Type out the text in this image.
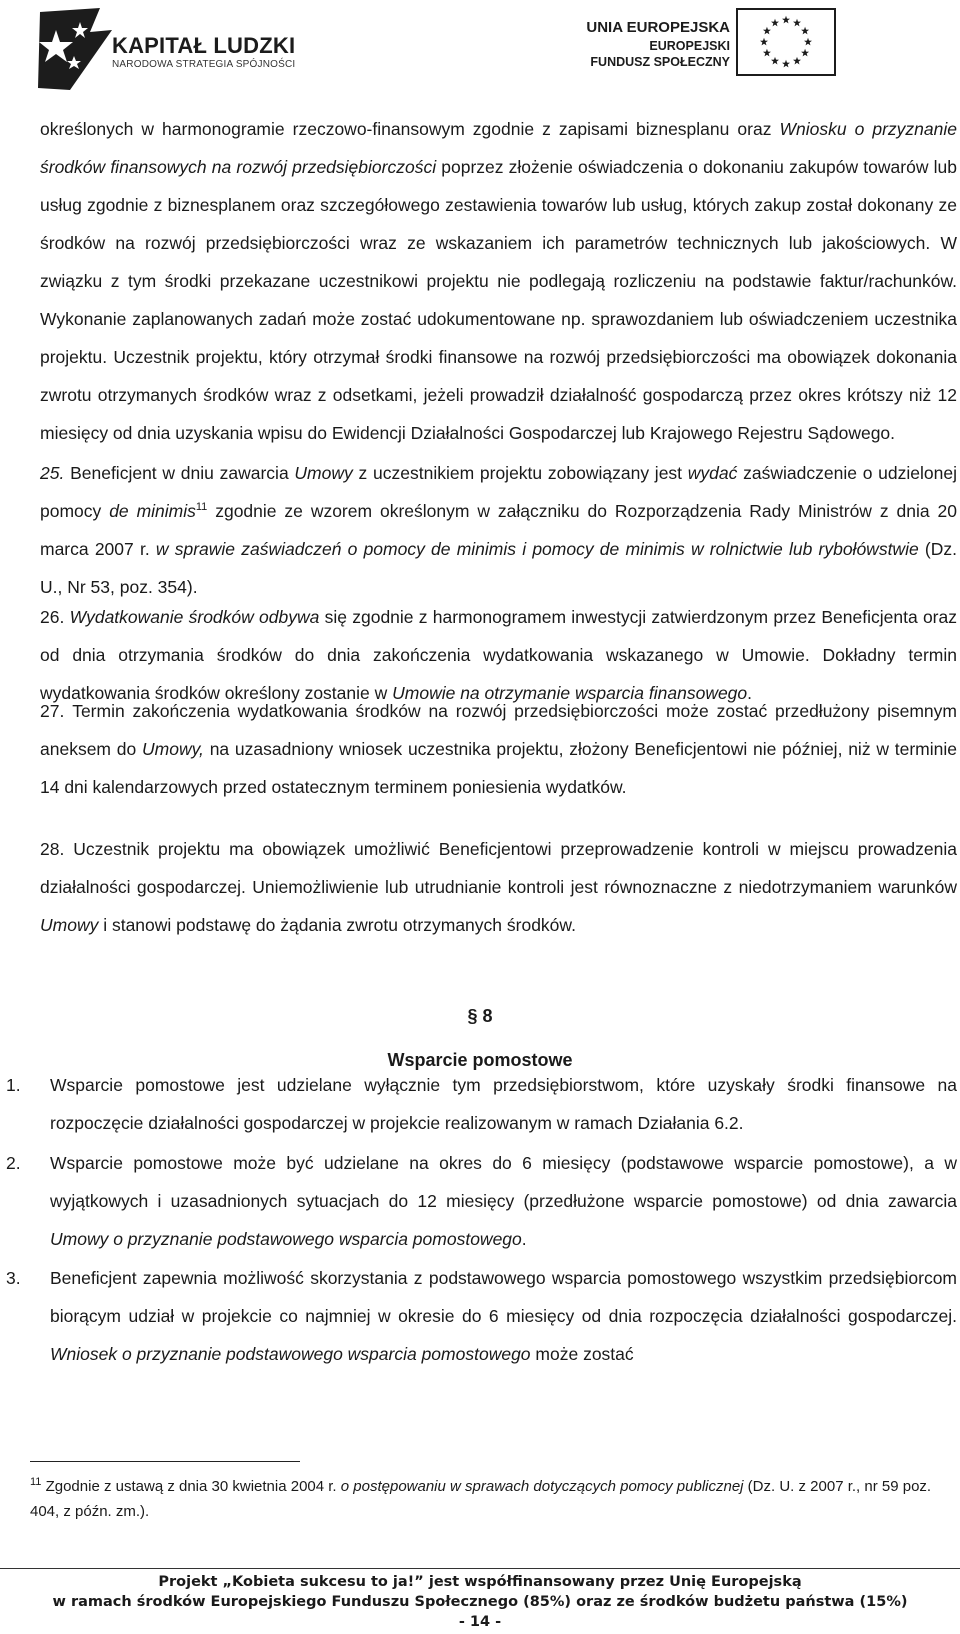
KAPITAŁ LUDZKI
NARODOWA STRATEGIA SPÓJNOŚCI
UNIA EUROPEJSKA
EUROPEJSKI
FUNDUSZ SPOŁECZNY

określonych w harmonogramie rzeczowo-finansowym zgodnie z zapisami biznesplanu oraz Wniosku o przyznanie środków finansowych na rozwój przedsiębiorczości poprzez złożenie oświadczenia o dokonaniu zakupów towarów lub usług zgodnie z biznesplanem oraz szczegółowego zestawienia towarów lub usług, których zakup został dokonany ze środków na rozwój przedsiębiorczości wraz ze wskazaniem ich parametrów technicznych lub jakościowych. W związku z tym środki przekazane uczestnikowi projektu nie podlegają rozliczeniu na podstawie faktur/rachunków. Wykonanie zaplanowanych zadań może zostać udokumentowane np. sprawozdaniem lub oświadczeniem uczestnika projektu. Uczestnik projektu, który otrzymał środki finansowe na rozwój przedsiębiorczości ma obowiązek dokonania zwrotu otrzymanych środków wraz z odsetkami, jeżeli prowadził działalność gospodarczą przez okres krótszy niż 12 miesięcy od dnia uzyskania wpisu do Ewidencji Działalności Gospodarczej lub Krajowego Rejestru Sądowego.

25. Beneficjent w dniu zawarcia Umowy z uczestnikiem projektu zobowiązany jest wydać zaświadczenie o udzielonej pomocy de minimis$^{11}$ zgodnie ze wzorem określonym w załączniku do Rozporządzenia Rady Ministrów z dnia 20 marca 2007 r. w sprawie zaświadczeń o pomocy de minimis i pomocy de minimis w rolnictwie lub rybołówstwie (Dz. U., Nr 53, poz. 354).

26. Wydatkowanie środków odbywa się zgodnie z harmonogramem inwestycji zatwierdzonym przez Beneficjenta oraz od dnia otrzymania środków do dnia zakończenia wydatkowania wskazanego w Umowie. Dokładny termin wydatkowania środków określony zostanie w Umowie na otrzymanie wsparcia finansowego.

27. Termin zakończenia wydatkowania środków na rozwój przedsiębiorczości może zostać przedłużony pisemnym aneksem do Umowy, na uzasadniony wniosek uczestnika projektu, złożony Beneficjentowi nie później, niż w terminie 14 dni kalendarzowych przed ostatecznym terminem poniesienia wydatków.

28. Uczestnik projektu ma obowiązek umożliwić Beneficjentowi przeprowadzenie kontroli w miejscu prowadzenia działalności gospodarczej. Uniemożliwienie lub utrudnianie kontroli jest równoznaczne z niedotrzymaniem warunków Umowy i stanowi podstawę do żądania zwrotu otrzymanych środków.

§ 8
Wsparcie pomostowe

1. Wsparcie pomostowe jest udzielane wyłącznie tym przedsiębiorstwom, które uzyskały środki finansowe na rozpoczęcie działalności gospodarczej w projekcie realizowanym w ramach Działania 6.2.

2. Wsparcie pomostowe może być udzielane na okres do 6 miesięcy (podstawowe wsparcie pomostowe), a w wyjątkowych i uzasadnionych sytuacjach do 12 miesięcy (przedłużone wsparcie pomostowe) od dnia zawarcia Umowy o przyznanie podstawowego wsparcia pomostowego.

3. Beneficjent zapewnia możliwość skorzystania z podstawowego wsparcia pomostowego wszystkim przedsiębiorcom biorącym udział w projekcie co najmniej w okresie do 6 miesięcy od dnia rozpoczęcia działalności gospodarczej. Wniosek o przyznanie podstawowego wsparcia pomostowego może zostać

$^{11}$ Zgodnie z ustawą z dnia 30 kwietnia 2004 r. o postępowaniu w sprawach dotyczących pomocy publicznej (Dz. U. z 2007 r., nr 59 poz. 404, z późn. zm.).
Projekt „Kobieta sukcesu to ja!” jest współfinansowany przez Unię Europejską
w ramach środków Europejskiego Funduszu Społecznego (85%) oraz ze środków budżetu państwa (15%)
- 14 -
